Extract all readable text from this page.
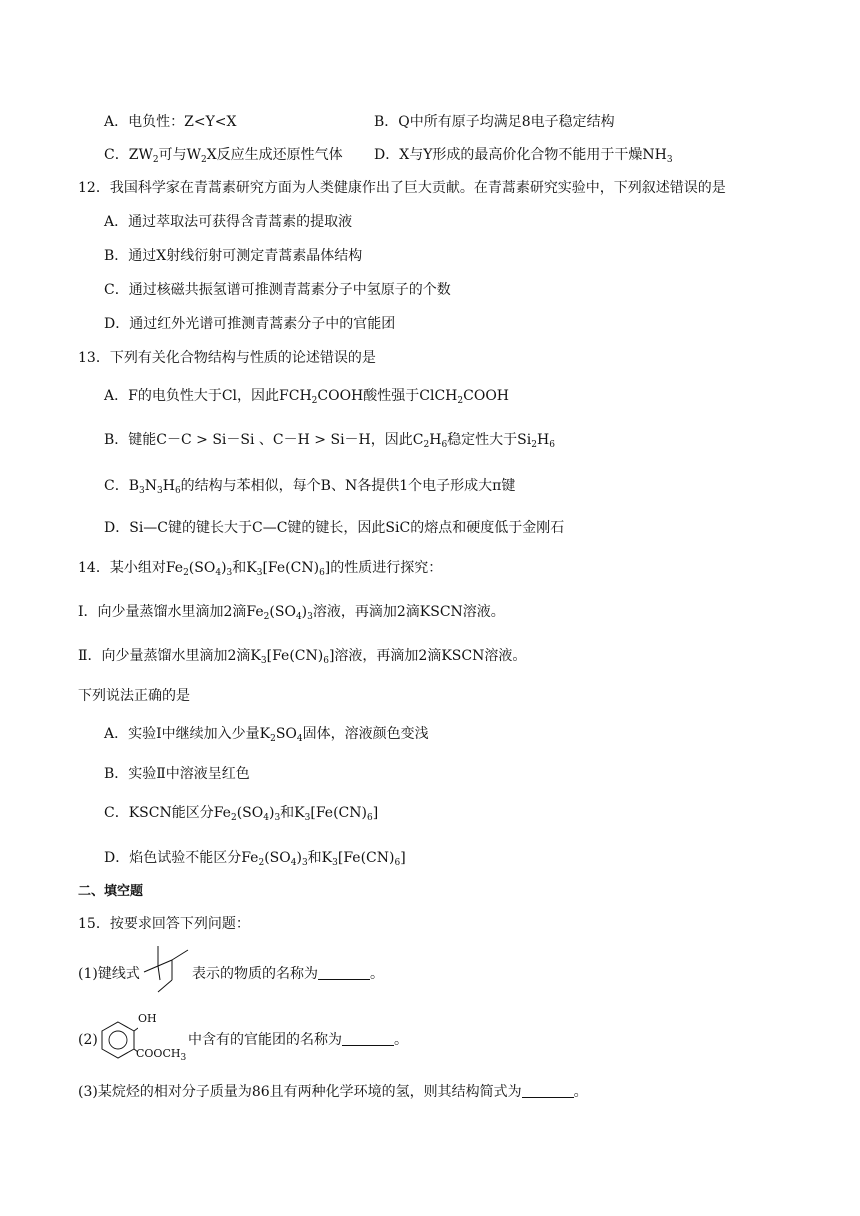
A．电负性：Z<Y<X	B．Q中所有原子均满足8电子稳定结构
C．$ZW_2$可与$W_2X$反应生成还原性气体 D．X与Y形成的最高价化合物不能用于干燥$NH_3$
12．我国科学家在青蒿素研究方面为人类健康作出了巨大贡献。在青蒿素研究实验中，下列叙述错误的是
A．通过萃取法可获得含青蒿素的提取液
B．通过X射线衍射可测定青蒿素晶体结构
C．通过核磁共振氢谱可推测青蒿素分子中氢原子的个数
D．通过红外光谱可推测青蒿素分子中的官能团
13．下列有关化合物结构与性质的论述错误的是
A．F的电负性大于Cl，因此$FCH_2COOH$酸性强于ClCH$_2$COOH
B．键能C－C > Si－Si 、C－H > Si－H，因此$C_2H_6$稳定性大于$Si_2H_6$
C．$B_3N_3H_6$的结构与苯相似，每个B、N各提供1个电子形成大π键
D．Si—C键的键长大于C—C键的键长，因此SiC的熔点和硬度低于金刚石
14．某小组对$Fe_2(SO_4)_3$和$K_3[Fe(CN)_6]$的性质进行探究：
Ⅰ．向少量蒸馏水里滴加2滴$Fe_2(SO_4)_3$溶液，再滴加2滴KSCN溶液。
Ⅱ．向少量蒸馏水里滴加2滴$K_3[Fe(CN)_6]$溶液，再滴加2滴KSCN溶液。
下列说法正确的是
A．实验Ⅰ中继续加入少量$K_2SO_4$固体，溶液颜色变浅
B．实验Ⅱ中溶液呈红色
C．KSCN能区分$Fe_2(SO_4)_3$和$K_3[Fe(CN)_6]$
D．焰色试验不能区分$Fe_2(SO_4)_3$和$K_3[Fe(CN)_6]$
二、填空题
15．按要求回答下列问题：
(1)键线式	表示的物质的名称为	。
(2)
OH
$COOCH_3$
中含有的官能团的名称为	。
(3)某烷烃的相对分子质量为86且有两种化学环境的氢，则其结构简式为	。
